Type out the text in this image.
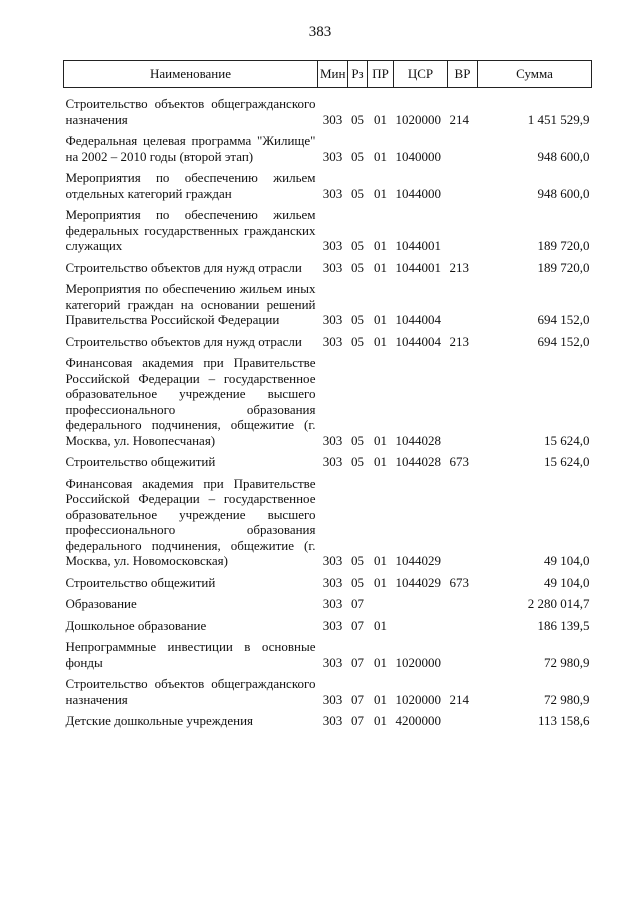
383
Наименование	Мин	Рз	ПР	ЦСР	ВР	Сумма
Строительство объектов общегражданского назначения	303	05	01	1020000	214	1 451 529,9
Федеральная целевая программа "Жилище" на 2002 – 2010 годы (второй этап)	303	05	01	1040000		948 600,0
Мероприятия по обеспечению жильем отдельных категорий граждан	303	05	01	1044000		948 600,0
Мероприятия по обеспечению жильем федеральных государственных гражданских служащих	303	05	01	1044001		189 720,0
Строительство объектов для нужд отрасли	303	05	01	1044001	213	189 720,0
Мероприятия по обеспечению жильем иных категорий граждан на основании решений Правительства Российской Федерации	303	05	01	1044004		694 152,0
Строительство объектов для нужд отрасли	303	05	01	1044004	213	694 152,0
Финансовая академия при Правительстве Российской Федерации – государственное образовательное учреждение высшего профессионального образования федерального подчинения, общежитие (г. Москва, ул. Новопесчаная)	303	05	01	1044028		15 624,0
Строительство общежитий	303	05	01	1044028	673	15 624,0
Финансовая академия при Правительстве Российской Федерации – государственное образовательное учреждение высшего профессионального образования федерального подчинения, общежитие (г. Москва, ул. Новомосковская)	303	05	01	1044029		49 104,0
Строительство общежитий	303	05	01	1044029	673	49 104,0
Образование	303	07				2 280 014,7
Дошкольное образование	303	07	01			186 139,5
Непрограммные инвестиции в основные фонды	303	07	01	1020000		72 980,9
Строительство объектов общегражданского назначения	303	07	01	1020000	214	72 980,9
Детские дошкольные учреждения	303	07	01	4200000		113 158,6
